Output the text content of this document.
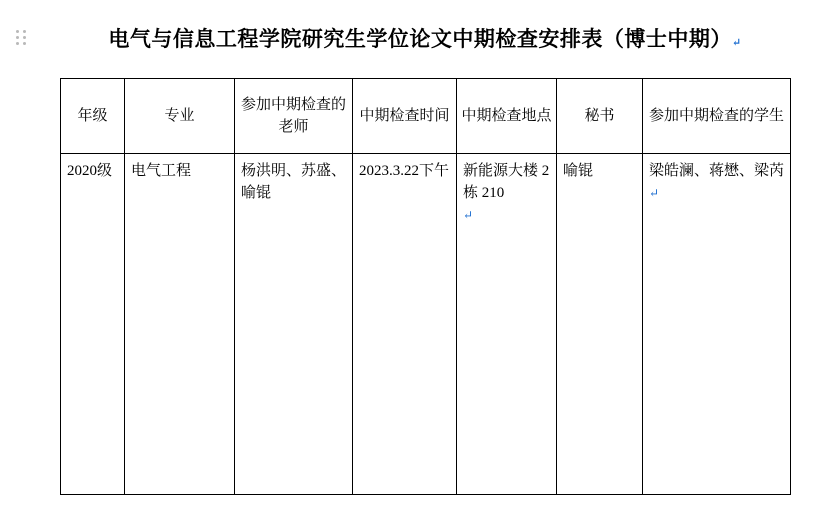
电气与信息工程学院研究生学位论文中期检查安排表（博士中期）↵
年级	专业	参加中期检查的老师	中期检查时间	中期检查地点	秘书	参加中期检查的学生

2020级	电气工程	杨洪明、苏盛、喻锟	2023.3.22下午	新能源大楼 2 栋 210
↵	喻锟	梁皓澜、蒋懋、梁芮
↵
